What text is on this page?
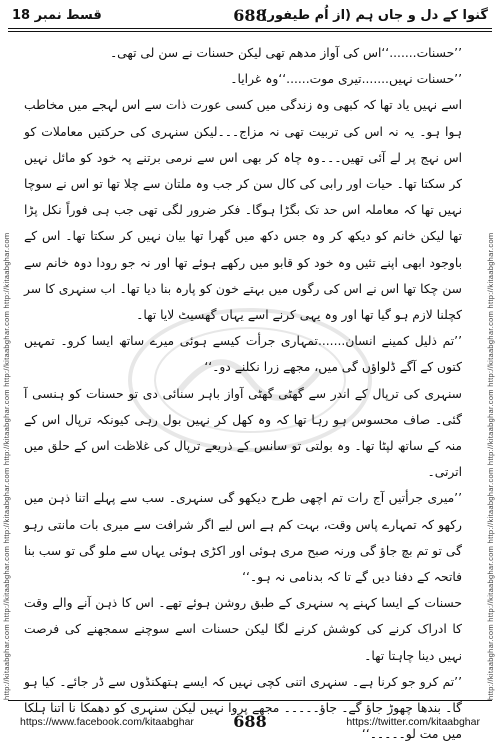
قسط نمبر 18	688
گنوا کے دل و جاں ہم (از اُم طیفور)
http://kitaabghar.com http://kitaabghar.com http://kitaabghar.com http://kitaabghar.com http://kitaabghar.com http://kitaabghar.com	http://kitaabghar.com http://kitaabghar.com http://kitaabghar.com http://kitaabghar.com http://kitaabghar.com http://kitaabghar.com

’’حسنات.......‘‘اس کی آواز مدھم تھی لیکن حسنات نے سن لی تھی۔

’’حسنات نہیں.......تیری موت......‘‘وہ غرایا۔

اسے نہیں یاد تھا کہ کبھی وہ زندگی میں کسی عورت ذات سے اس لہجے میں مخاطب ہوا ہو۔ یہ نہ اس کی تربیت تھی نہ مزاج۔۔۔لیکن سنہری کی حرکتیں معاملات کو اس نہج پر لے آئی تھیں۔۔۔وہ چاہ کر بھی اس سے نرمی برتنے پہ خود کو مائل نہیں کر سکتا تھا۔ حیات اور رابی کی کال سن کر جب وہ ملتان سے چلا تھا تو اس نے سوچا نہیں تھا کہ معاملہ اس حد تک بگڑا ہوگا۔ فکر ضرور لگی تھی جب ہی فوراً نکل پڑا تھا لیکن خانم کو دیکھ کر وہ جس دکھ میں گھرا تھا بیان نہیں کر سکتا تھا۔ اس کے باوجود ابھی اپنے تئیں وہ خود کو قابو میں رکھے ہوئے تھا اور نہ جو رودا دوہ خانم سے سن چکا تھا اس نے اس کی رگوں میں بہتے خون کو پارہ بنا دیا تھا۔ اب سنہری کا سر کچلنا لازم ہو گیا تھا اور وہ یہی کرنے اسے یہاں گھسیٹ لایا تھا۔

’’تم ذلیل کمینے انسان.......تمہاری جرأت کیسے ہوئی میرے ساتھ ایسا کرو۔ تمہیں کتوں کے آگے ڈلواؤں گی میں، مجھے زرا نکلنے دو۔‘‘

سنہری کی ترپال کے اندر سے گھٹی گھٹی آواز باہر سنائی دی تو حسنات کو ہنسی آ گئی۔ صاف محسوس ہو رہا تھا کہ وہ کھل کر نہیں بول رہی کیونکہ ترپال اس کے منہ کے ساتھ لپٹا تھا۔ وہ بولتی تو سانس کے ذریعے ترپال کی غلاظت اس کے حلق میں اترتی۔

’’میری جرأتیں آج رات تم اچھی طرح دیکھو گی سنہری۔ سب سے پہلے اتنا ذہن میں رکھو کہ تمہارے پاس وقت، بہت کم ہے اس لیے اگر شرافت سے میری بات مانتی رہو گی تو تم بچ جاؤ گی ورنہ صبح مری ہوئی اور اکڑی ہوئی یہاں سے ملو گی تو سب بنا فاتحہ کے دفنا دیں گے تا کہ بدنامی نہ ہو۔‘‘

حسنات کے ایسا کہنے پہ سنہری کے طبق روشن ہوئے تھے۔ اس کا ذہن آنے والے وقت کا ادراک کرنے کی کوشش کرنے لگا لیکن حسنات اسے سوچنے سمجھنے کی فرصت نہیں دینا چاہتا تھا۔

’’تم کرو جو کرنا ہے۔ سنہری اتنی کچی نہیں کہ ایسے ہتھکنڈوں سے ڈر جائے۔ کیا ہو گا۔ بندھا چھوڑ جاؤ گے۔ جاؤ۔۔۔۔۔ مجھے پروا نہیں لیکن سنہری کو دھمکا نا اتنا ہلکا میں مت لو۔۔۔۔۔‘‘

https://www.facebook.com/kitaabghar	688	https://twitter.com/kitaabghar
